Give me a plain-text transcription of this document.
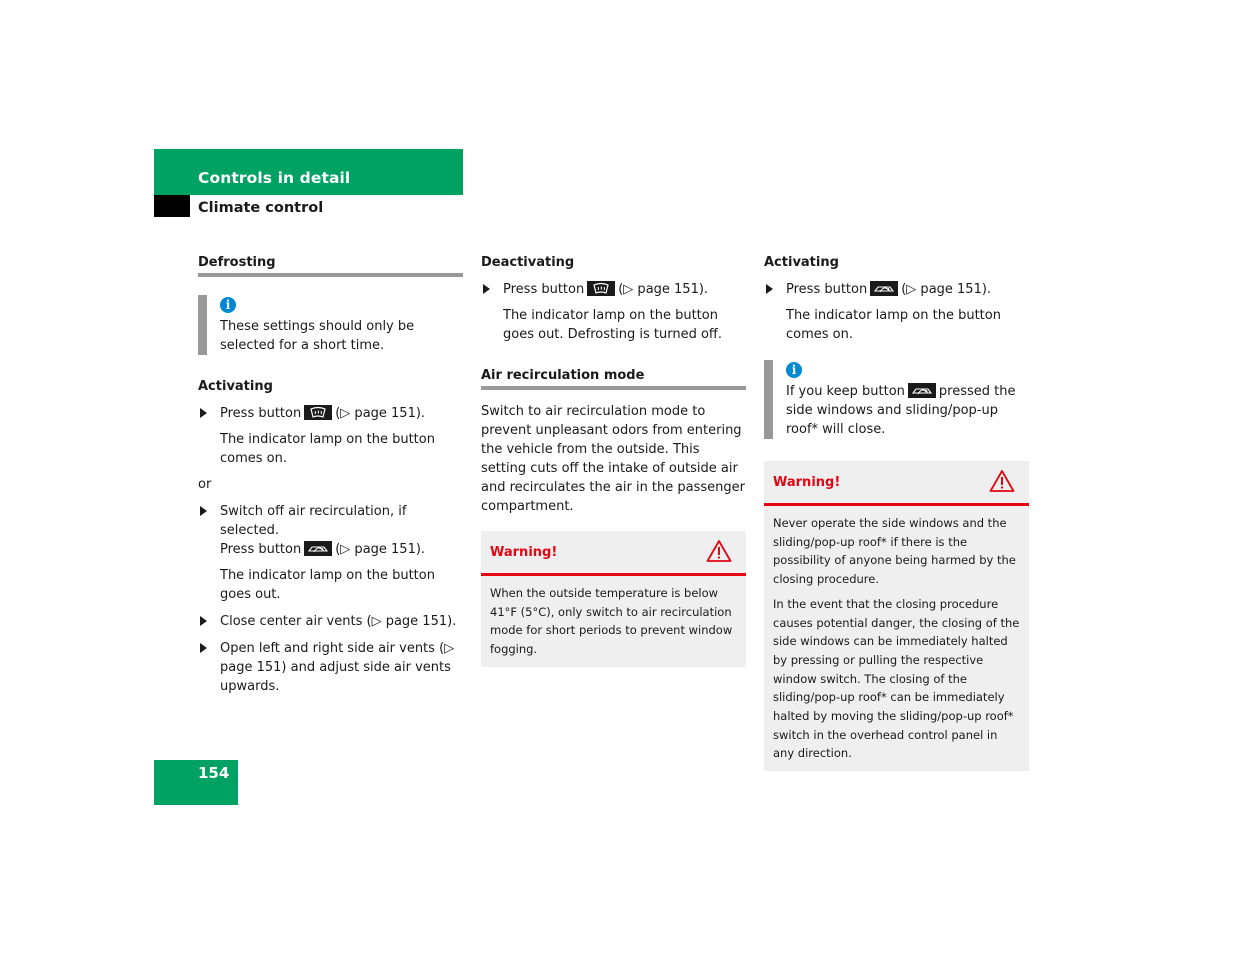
Controls in detail
Climate control
Defrosting
i

These settings should only be selected for a short time.

Activating
Press button	(▷ page 151).

The indicator lamp on the button comes on.

or

Switch off air recirculation, if selected.
Press button	(▷ page 151).

The indicator lamp on the button goes out.

Close center air vents (▷ page 151).
Open left and right side air vents (▷ page 151) and adjust side air vents upwards.
Deactivating
Press button	(▷ page 151).

The indicator lamp on the button goes out. Defrosting is turned off.

Air recirculation mode

Switch to air recirculation mode to prevent unpleasant odors from entering the vehicle from the outside. This setting cuts off the intake of outside air and recirculates the air in the passenger compartment.

Warning!

When the outside temperature is below 41°F (5°C), only switch to air recirculation mode for short periods to prevent window fogging.

Activating
Press button	(▷ page 151).

The indicator lamp on the button comes on.

i

If you keep button	pressed the side windows and sliding/pop-up roof* will close.

Warning!

Never operate the side windows and the sliding/pop-up roof* if there is the possibility of anyone being harmed by the closing procedure.

In the event that the closing procedure causes potential danger, the closing of the side windows can be immediately halted by pressing or pulling the respective window switch. The closing of the sliding/pop-up roof* can be immediately halted by moving the sliding/pop-up roof* switch in the overhead control panel in any direction.

154
